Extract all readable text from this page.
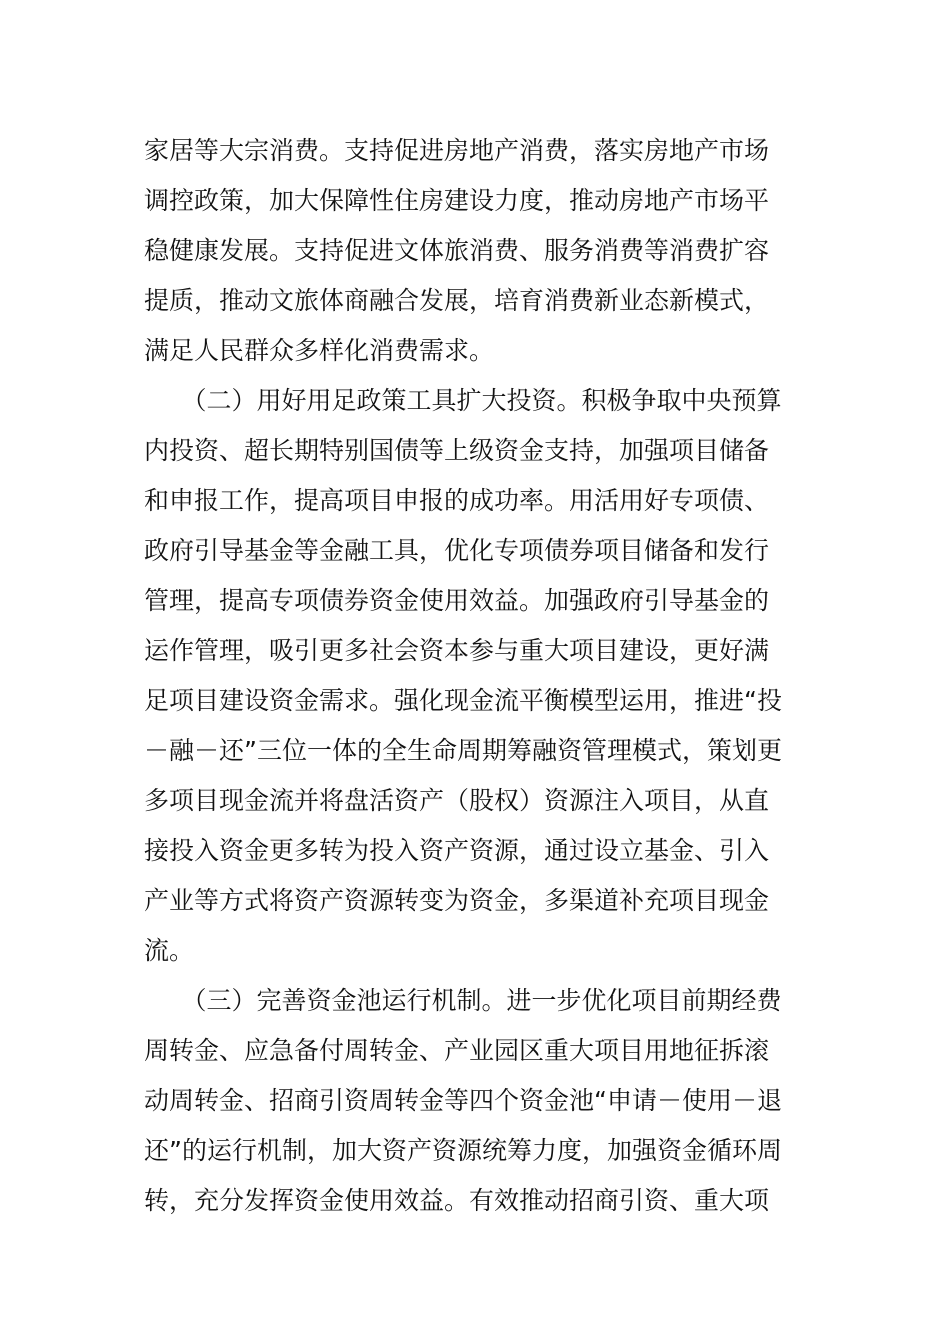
家居等大宗消费。支持促进房地产消费，落实房地产市场
调控政策，加大保障性住房建设力度，推动房地产市场平
稳健康发展。支持促进文体旅消费、服务消费等消费扩容
提质，推动文旅体商融合发展，培育消费新业态新模式，
满足人民群众多样化消费需求。
　　（二）用好用足政策工具扩大投资。积极争取中央预算
内投资、超长期特别国债等上级资金支持，加强项目储备
和申报工作，提高项目申报的成功率。用活用好专项债、
政府引导基金等金融工具，优化专项债券项目储备和发行
管理，提高专项债券资金使用效益。加强政府引导基金的
运作管理，吸引更多社会资本参与重大项目建设，更好满
足项目建设资金需求。强化现金流平衡模型运用，推进“投
－融－还”三位一体的全生命周期筹融资管理模式，策划更
多项目现金流并将盘活资产（股权）资源注入项目，从直
接投入资金更多转为投入资产资源，通过设立基金、引入
产业等方式将资产资源转变为资金，多渠道补充项目现金
流。
　　（三）完善资金池运行机制。进一步优化项目前期经费
周转金、应急备付周转金、产业园区重大项目用地征拆滚
动周转金、招商引资周转金等四个资金池“申请－使用－退
还”的运行机制，加大资产资源统筹力度，加强资金循环周
转，充分发挥资金使用效益。有效推动招商引资、重大项
